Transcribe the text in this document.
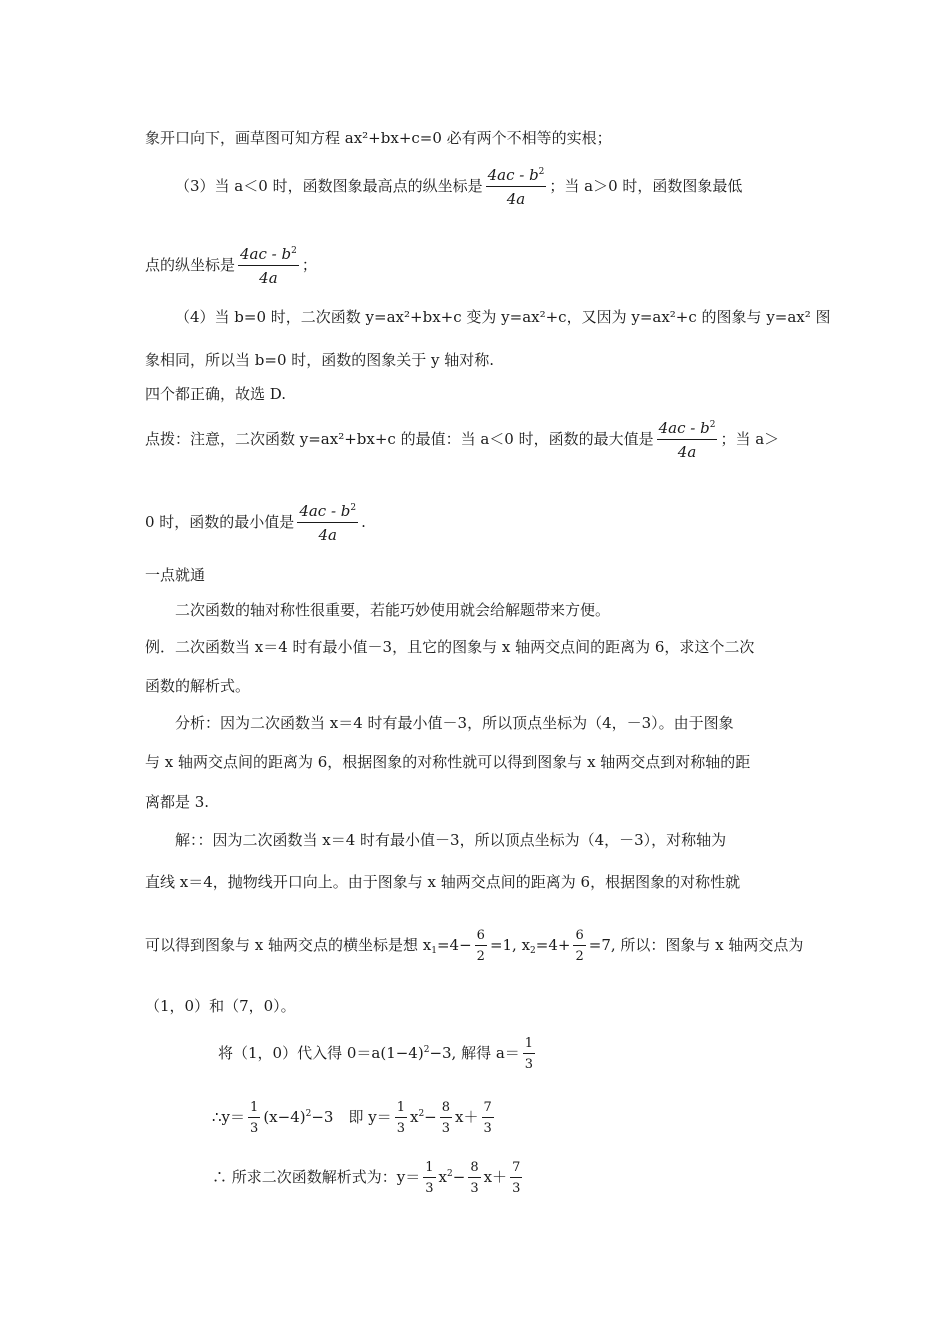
象开口向下，画草图可知方程 ax²+bx+c=0 必有两个不相等的实根；
（3）当 a＜0 时，函数图象最高点的纵坐标是 $\frac{4ac - b^2}{4a}$ ；当 a＞0 时，函数图象最低
点的纵坐标是 $\frac{4ac - b^2}{4a}$ ；
（4）当 b=0 时，二次函数 y=ax²+bx+c 变为 y=ax²+c，又因为 y=ax²+c 的图象与 y=ax² 图
象相同，所以当 b=0 时，函数的图象关于 y 轴对称.
四个都正确，故选 D.
点拨：注意，二次函数 y=ax²+bx+c 的最值：当 a＜0 时，函数的最大值是 $\frac{4ac - b^2}{4a}$ ；当 a＞
0 时，函数的最小值是 $\frac{4ac - b^2}{4a}$ .
一点就通
二次函数的轴对称性很重要，若能巧妙使用就会给解题带来方便。
例．二次函数当 x＝4 时有最小值－3，且它的图象与 x 轴两交点间的距离为 6，求这个二次
函数的解析式。
分析：因为二次函数当 x＝4 时有最小值－3，所以顶点坐标为（4，－3）。由于图象
与 x 轴两交点间的距离为 6，根据图象的对称性就可以得到图象与 x 轴两交点到对称轴的距
离都是 3.
解：：因为二次函数当 x＝4 时有最小值－3，所以顶点坐标为（4，－3），对称轴为
直线 x＝4，抛物线开口向上。由于图象与 x 轴两交点间的距离为 6，根据图象的对称性就
可以得到图象与 x 轴两交点的横坐标是想 $x_1=4- \frac{6}{2} =1$, $x_2=4+ \frac{6}{2} =7$, 所以：图象与 x 轴两交点为
（1，0）和（7，0）。
将（1，0）代入得 $0=a(1-4)^2-3$, 解得 $a= \frac{1}{3}$
∴y＝ $\frac{1}{3} (x-4)^2-3$　即 $y= \frac{1}{3} x^2- \frac{8}{3} x+ \frac{7}{3}$
∴ 所求二次函数解析式为：$y= \frac{1}{3} x^2- \frac{8}{3} x+ \frac{7}{3}$
